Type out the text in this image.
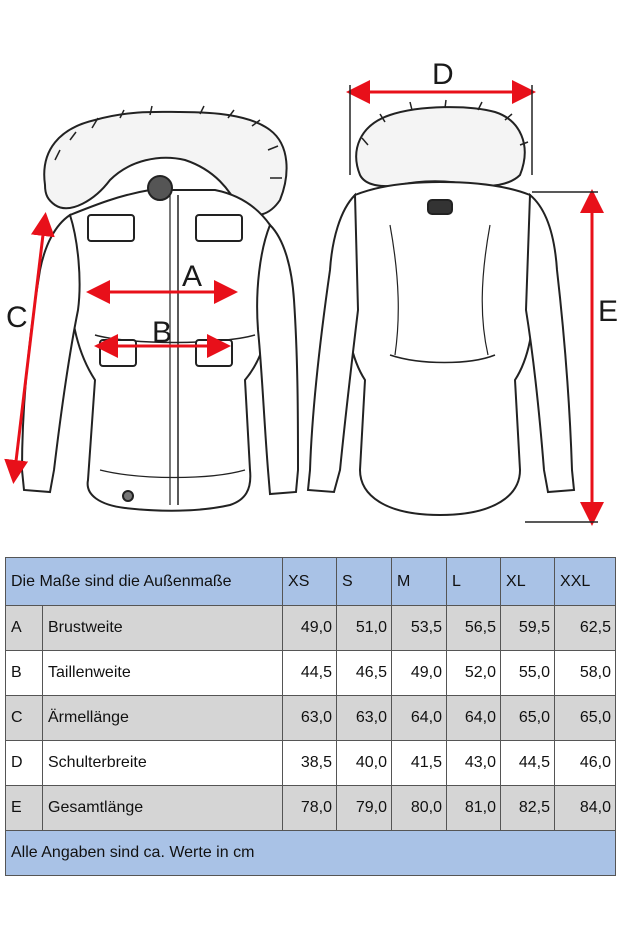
A
B
C
D
E
Die Maße sind die Außenmaße		XS	S	M	L	XL	XXL
A	Brustweite	49,0	51,0	53,5	56,5	59,5	62,5
B	Taillenweite	44,5	46,5	49,0	52,0	55,0	58,0
C	Ärmellänge	63,0	63,0	64,0	64,0	65,0	65,0
D	Schulterbreite	38,5	40,0	41,5	43,0	44,5	46,0
E	Gesamtlänge	78,0	79,0	80,0	81,0	82,5	84,0
Alle Angaben sind ca. Werte in cm							
